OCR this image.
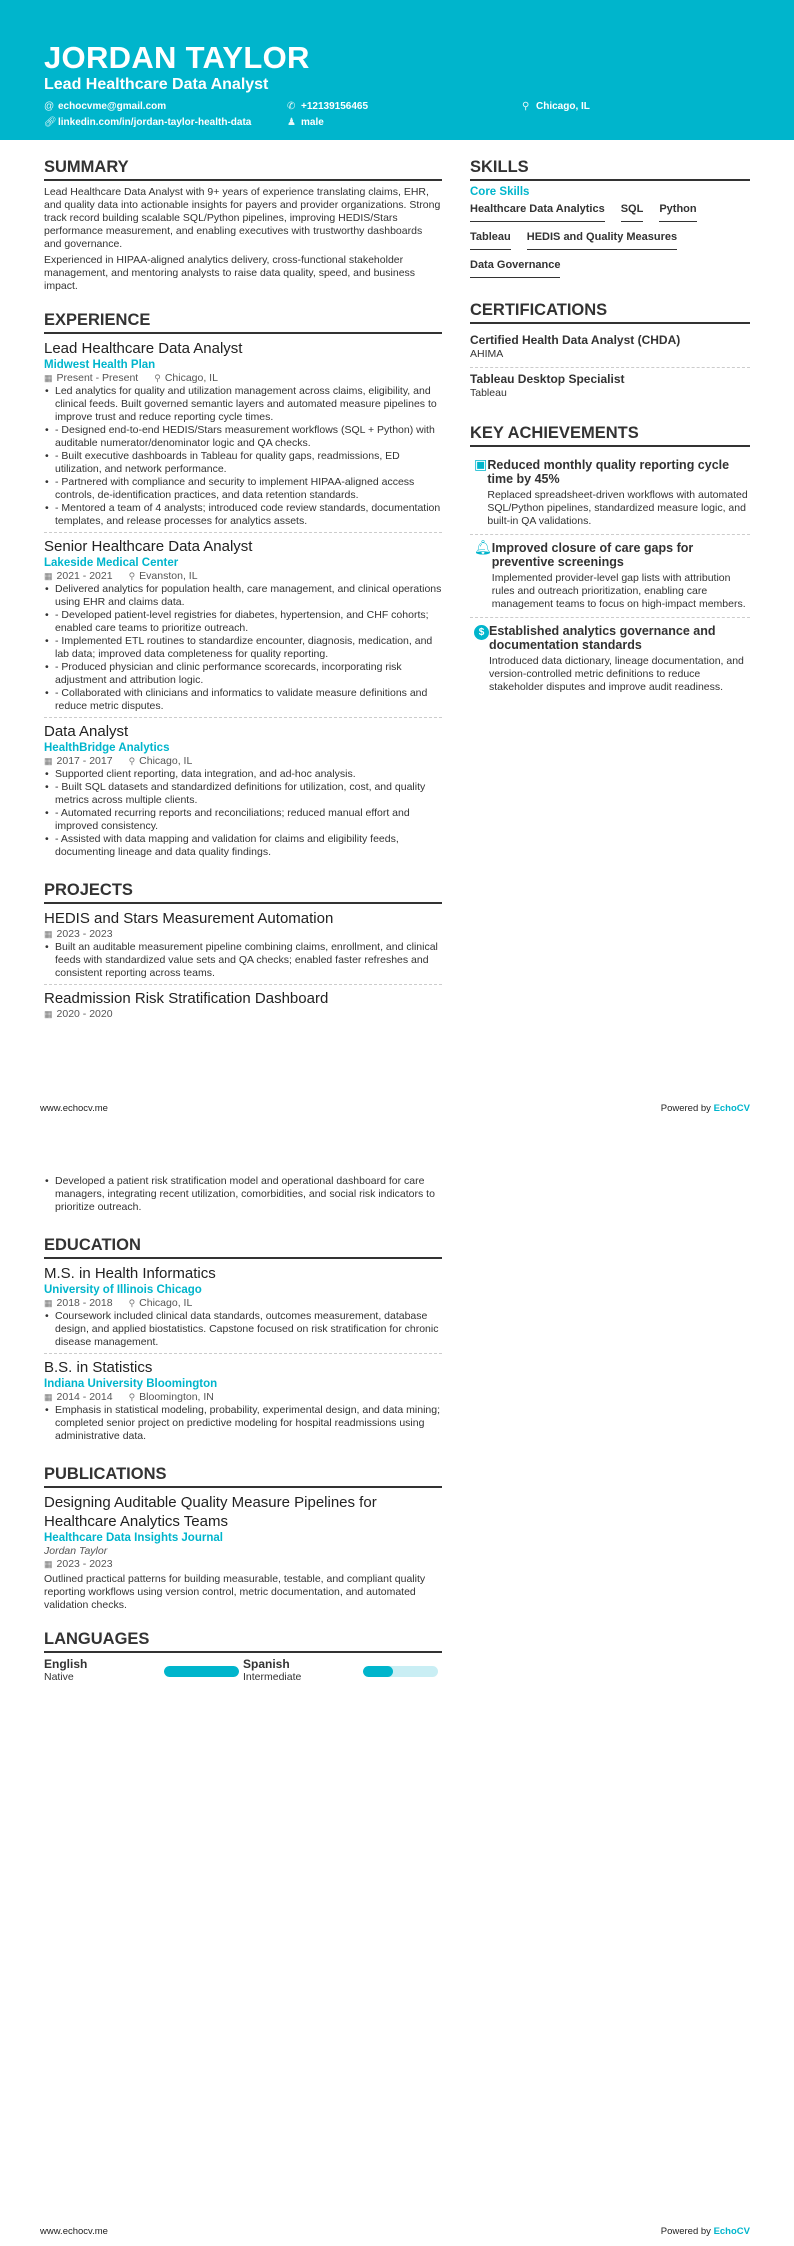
JORDAN TAYLOR
Lead Healthcare Data Analyst
@ echocvme@gmail.com	✆ +12139156465	⚲ Chicago, IL
🔗︎linkedin.com/in/jordan-taylor-health-data	♟ male
SUMMARY

Lead Healthcare Data Analyst with 9+ years of experience translating claims, EHR, and quality data into actionable insights for payers and provider organizations. Strong track record building scalable SQL/Python pipelines, improving HEDIS/Stars performance measurement, and enabling executives with trustworthy dashboards and governance.

Experienced in HIPAA-aligned analytics delivery, cross-functional stakeholder management, and mentoring analysts to raise data quality, speed, and business impact.

EXPERIENCE
Lead Healthcare Data Analyst
Midwest Health Plan
▦ Present - Present ⚲ Chicago, IL
• Led analytics for quality and utilization management across claims, eligibility, and clinical feeds. Built governed semantic layers and automated measure pipelines to improve trust and reduce reporting cycle times.
• - Designed end-to-end HEDIS/Stars measurement workflows (SQL + Python) with auditable numerator/denominator logic and QA checks.
• - Built executive dashboards in Tableau for quality gaps, readmissions, ED utilization, and network performance.
• - Partnered with compliance and security to implement HIPAA-aligned access controls, de-identification practices, and data retention standards.
• - Mentored a team of 4 analysts; introduced code review standards, documentation templates, and release processes for analytics assets.
Senior Healthcare Data Analyst
Lakeside Medical Center
▦ 2021 - 2021 ⚲ Evanston, IL
• Delivered analytics for population health, care management, and clinical operations using EHR and claims data.
• - Developed patient-level registries for diabetes, hypertension, and CHF cohorts; enabled care teams to prioritize outreach.
• - Implemented ETL routines to standardize encounter, diagnosis, medication, and lab data; improved data completeness for quality reporting.
• - Produced physician and clinic performance scorecards, incorporating risk adjustment and attribution logic.
• - Collaborated with clinicians and informatics to validate measure definitions and reduce metric disputes.
Data Analyst
HealthBridge Analytics
▦ 2017 - 2017 ⚲ Chicago, IL
• Supported client reporting, data integration, and ad-hoc analysis.
• - Built SQL datasets and standardized definitions for utilization, cost, and quality metrics across multiple clients.
• - Automated recurring reports and reconciliations; reduced manual effort and improved consistency.
• - Assisted with data mapping and validation for claims and eligibility feeds, documenting lineage and data quality findings.
PROJECTS
HEDIS and Stars Measurement Automation
▦ 2023 - 2023
• Built an auditable measurement pipeline combining claims, enrollment, and clinical feeds with standardized value sets and QA checks; enabled faster refreshes and consistent reporting across teams.
Readmission Risk Stratification Dashboard
▦ 2020 - 2020
SKILLS
Core Skills
Healthcare Data Analytics SQL Python
Tableau HEDIS and Quality Measures
Data Governance
CERTIFICATIONS
Certified Health Data Analyst (CHDA)
AHIMA
Tableau Desktop Specialist
Tableau
KEY ACHIEVEMENTS
▣ Reduced monthly quality reporting cycle time by 45%
Replaced spreadsheet-driven workflows with automated SQL/Python pipelines, standardized measure logic, and built-in QA validations.
🔔︎ Improved closure of care gaps for preventive screenings
Implemented provider-level gap lists with attribution rules and outreach prioritization, enabling care management teams to focus on high-impact members.
$ Established analytics governance and documentation standards
Introduced data dictionary, lineage documentation, and version-controlled metric definitions to reduce stakeholder disputes and improve audit readiness.
www.echocv.me	Powered by EchoCV
• Developed a patient risk stratification model and operational dashboard for care managers, integrating recent utilization, comorbidities, and social risk indicators to prioritize outreach.
EDUCATION
M.S. in Health Informatics
University of Illinois Chicago
▦ 2018 - 2018 ⚲ Chicago, IL
• Coursework included clinical data standards, outcomes measurement, database design, and applied biostatistics. Capstone focused on risk stratification for chronic disease management.
B.S. in Statistics
Indiana University Bloomington
▦ 2014 - 2014 ⚲ Bloomington, IN
• Emphasis in statistical modeling, probability, experimental design, and data mining; completed senior project on predictive modeling for hospital readmissions using administrative data.
PUBLICATIONS
Designing Auditable Quality Measure Pipelines for Healthcare Analytics Teams
Healthcare Data Insights Journal
Jordan Taylor
▦ 2023 - 2023

Outlined practical patterns for building measurable, testable, and compliant quality reporting workflows using version control, metric documentation, and automated validation checks.

LANGUAGES
English
Native
Spanish
Intermediate
www.echocv.me	Powered by EchoCV
